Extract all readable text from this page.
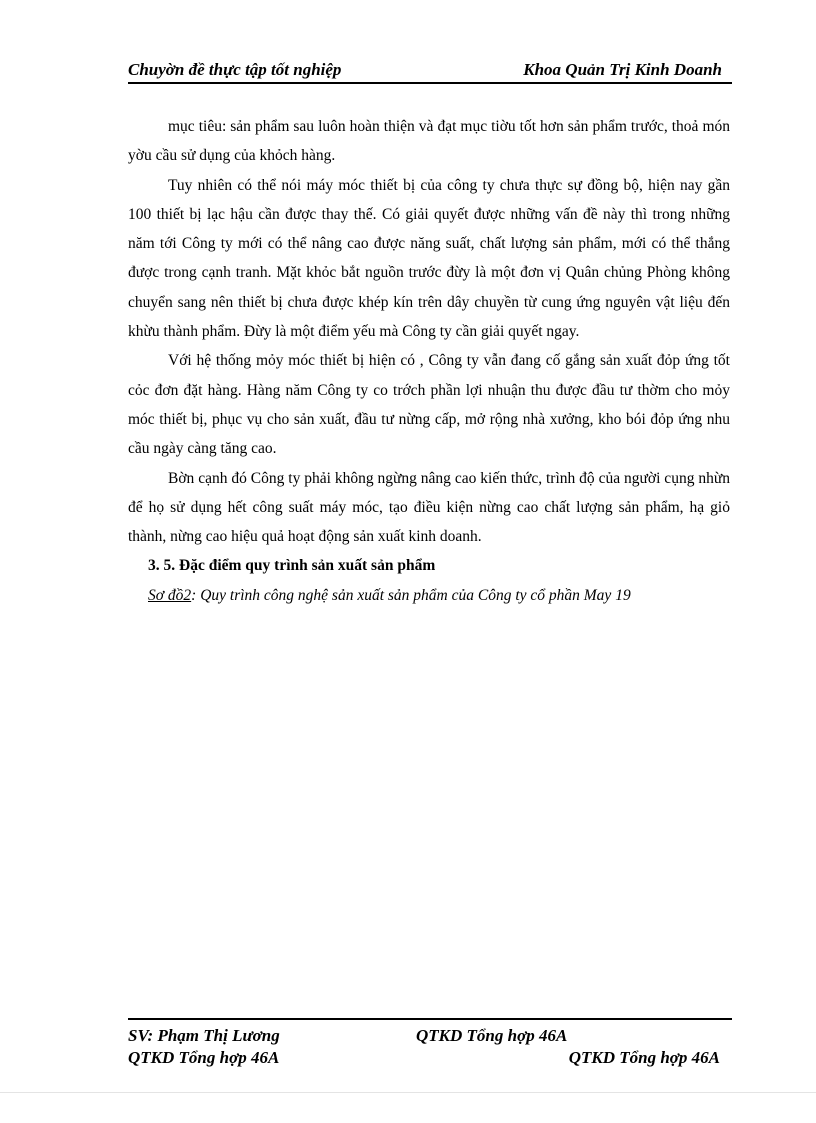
Chuyờn đề thực tập tốt nghiệp	Khoa Quản Trị Kinh Doanh

mục tiêu: sản phẩm sau luôn hoàn thiện và đạt mục tiờu tốt hơn sản phẩm trước, thoả món yờu cầu sử dụng của khỏch hàng.

Tuy nhiên có thể nói máy móc thiết bị của công ty chưa thực sự đồng bộ, hiện nay gần 100 thiết bị lạc hậu cần được thay thế. Có giải quyết được những vấn đề này thì trong những năm tới Công ty mới có thể nâng cao được năng suất, chất lượng sản phẩm, mới có thể thắng được trong cạnh tranh. Mặt khỏc bắt nguồn trước đừy là một đơn vị Quân chủng Phòng không chuyển sang nên thiết bị chưa được khép kín trên dây chuyền từ cung ứng nguyên vật liệu đến khừu thành phẩm. Đừy là một điểm yếu mà Công ty cần giải quyết ngay.

Với hệ thống mỏy móc thiết bị hiện có , Công ty vẫn đang cố gắng sản xuất đỏp ứng tốt cỏc đơn đặt hàng. Hàng năm Công ty co trớch phần lợi nhuận thu được đầu tư thờm cho mỏy móc thiết bị, phục vụ cho sản xuất, đầu tư nừng cấp, mở rộng nhà xưởng, kho bói đỏp ứng nhu cầu ngày càng tăng cao.

Bờn cạnh đó Công ty phải không ngừng nâng cao kiến thức, trình độ của người cụng nhừn để họ sử dụng hết công suất máy móc, tạo điều kiện nừng cao chất lượng sản phẩm, hạ giỏ thành, nừng cao hiệu quả hoạt động sản xuất kinh doanh.

3. 5. Đặc điểm quy trình sản xuất sản phẩm
Sơ đồ2: Quy trình công nghệ sản xuất sản phẩm của Công ty cổ phần May 19
SV: Phạm Thị Lương	QTKD Tổng hợp 46A
QTKD Tổng hợp 46A	QTKD Tổng hợp 46A
